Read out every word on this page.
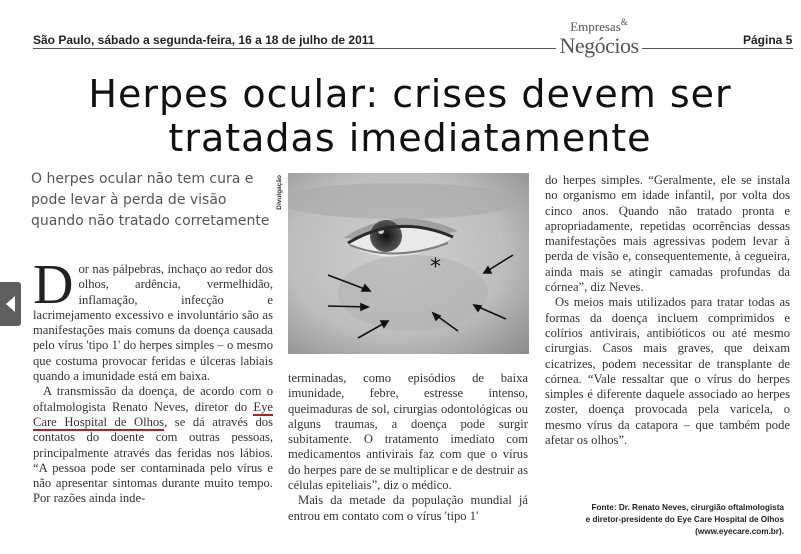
São Paulo, sábado a segunda-feira, 16 a 18 de julho de 2011
Empresas&
Negócios	Página 5
Herpes ocular: crises devem ser tratadas imediatamente

O herpes ocular não tem cura e pode levar à perda de visão quando não tratado corretamente

Dor nas pálpebras, inchaço ao redor dos olhos, ardência, vermelhidão, inflamação, infecção e lacrimejamento excessivo e involuntário são as manifestações mais comuns da doença causada pelo vírus 'tipo 1' do herpes simples – o mesmo que costuma provocar feridas e úlceras labiais quando a imunidade está em baixa.

A transmissão da doença, de acordo com o oftalmologista Renato Neves, diretor do Eye Care Hospital de Olhos, se dá através dos contatos do doente com outras pessoas, principalmente através das feridas nos lábios. “A pessoa pode ser contaminada pelo vírus e não apresentar sintomas durante muito tempo. Por razões ainda inde-

Divulgação
*

terminadas, como episódios de baixa imunidade, febre, estresse intenso, queimaduras de sol, cirurgias odontológicas ou alguns traumas, a doença pode surgir subitamente. O tratamento imediato com medicamentos antivirais faz com que o vírus do herpes pare de se multiplicar e de destruir as células epiteliais”, diz o médico.

Mais da metade da população mundial já entrou em contato com o vírus 'tipo 1'

do herpes simples. “Geralmente, ele se instala no organismo em idade infantil, por volta dos cinco anos. Quando não tratado pronta e apropriadamente, repetidas ocorrências dessas manifestações mais agressivas podem levar à perda de visão e, consequentemente, à cegueira, ainda mais se atingir camadas profundas da córnea”, diz Neves.

Os meios mais utilizados para tratar todas as formas da doença incluem comprimidos e colírios antivirais, antibióticos ou até mesmo cirurgias. Casos mais graves, que deixam cicatrizes, podem necessitar de transplante de córnea. “Vale ressaltar que o vírus do herpes simples é diferente daquele associado ao herpes zoster, doença provocada pela varicela, o mesmo vírus da catapora – que também pode afetar os olhos”.

Fonte: Dr. Renato Neves, cirurgião oftalmologista
e diretor-presidente do Eye Care Hospital de Olhos
(www.eyecare.com.br).
